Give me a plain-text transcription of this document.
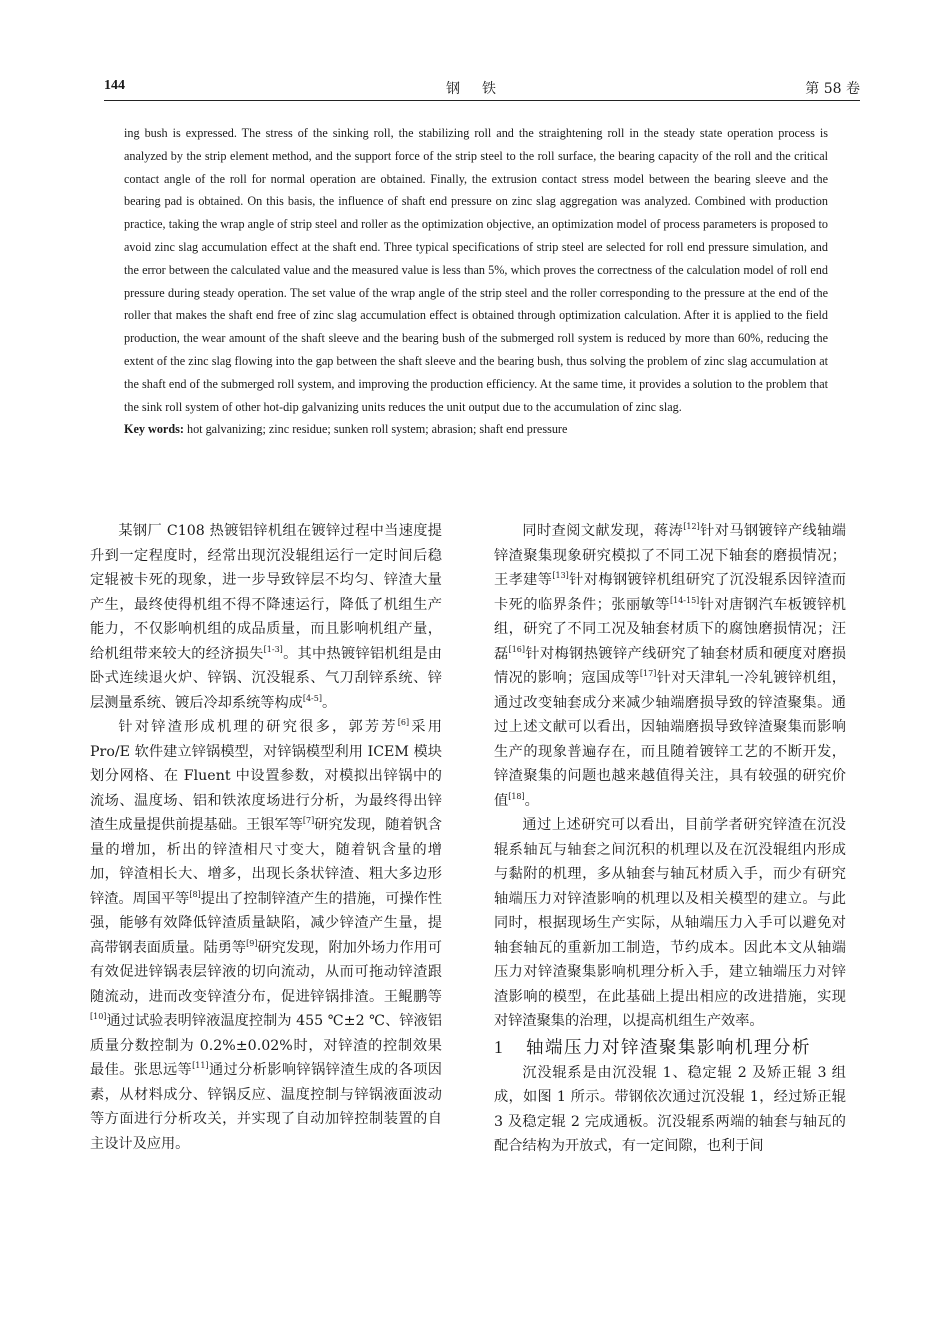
144	钢铁	第 58 卷

ing bush is expressed. The stress of the sinking roll, the stabilizing roll and the straightening roll in the steady state operation process is analyzed by the strip element method, and the support force of the strip steel to the roll surface, the bearing capacity of the roll and the critical contact angle of the roll for normal operation are obtained. Finally, the extrusion contact stress model between the bearing sleeve and the bearing pad is obtained. On this basis, the influence of shaft end pressure on zinc slag aggregation was analyzed. Combined with production practice, taking the wrap angle of strip steel and roller as the optimization objective, an optimization model of process parameters is proposed to avoid zinc slag accumulation effect at the shaft end. Three typical specifications of strip steel are selected for roll end pressure simulation, and the error between the calculated value and the measured value is less than 5%, which proves the correctness of the calculation model of roll end pressure during steady operation. The set value of the wrap angle of the strip steel and the roller corresponding to the pressure at the end of the roller that makes the shaft end free of zinc slag accumulation effect is obtained through optimization calculation. After it is applied to the field production, the wear amount of the shaft sleeve and the bearing bush of the submerged roll system is reduced by more than 60%, reducing the extent of the zinc slag flowing into the gap between the shaft sleeve and the bearing bush, thus solving the problem of zinc slag accumulation at the shaft end of the submerged roll system, and improving the production efficiency. At the same time, it provides a solution to the problem that the sink roll system of other hot-dip galvanizing units reduces the unit output due to the accumulation of zinc slag.

Key words: hot galvanizing; zinc residue; sunken roll system; abrasion; shaft end pressure

某钢厂 C108 热镀铝锌机组在镀锌过程中当速度提升到一定程度时，经常出现沉没辊组运行一定时间后稳定辊被卡死的现象，进一步导致锌层不均匀、锌渣大量产生，最终使得机组不得不降速运行，降低了机组生产能力，不仅影响机组的成品质量，而且影响机组产量，给机组带来较大的经济损失[1-3]。其中热镀锌铝机组是由卧式连续退火炉、锌锅、沉没辊系、气刀刮锌系统、锌层测量系统、镀后冷却系统等构成[4-5]。

针对锌渣形成机理的研究很多，郭芳芳[6]采用 Pro/E 软件建立锌锅模型，对锌锅模型利用 ICEM 模块划分网格、在 Fluent 中设置参数，对模拟出锌锅中的流场、温度场、铝和铁浓度场进行分析，为最终得出锌渣生成量提供前提基础。王银军等[7]研究发现，随着钒含量的增加，析出的锌渣相尺寸变大，随着钒含量的增加，锌渣相长大、增多，出现长条状锌渣、粗大多边形锌渣。周国平等[8]提出了控制锌渣产生的措施，可操作性强，能够有效降低锌渣质量缺陷，减少锌渣产生量，提高带钢表面质量。陆勇等[9]研究发现，附加外场力作用可有效促进锌锅表层锌液的切向流动，从而可拖动锌渣跟随流动，进而改变锌渣分布，促进锌锅排渣。王鲲鹏等[10]通过试验表明锌液温度控制为 455 ℃±2 ℃、锌液铝质量分数控制为 0.2%±0.02%时，对锌渣的控制效果最佳。张思远等[11]通过分析影响锌锅锌渣生成的各项因素，从材料成分、锌锅反应、温度控制与锌锅液面波动等方面进行分析攻关，并实现了自动加锌控制装置的自主设计及应用。

同时查阅文献发现，蒋涛[12]针对马钢镀锌产线轴端锌渣聚集现象研究模拟了不同工况下轴套的磨损情况；王孝建等[13]针对梅钢镀锌机组研究了沉没辊系因锌渣而卡死的临界条件；张丽敏等[14-15]针对唐钢汽车板镀锌机组，研究了不同工况及轴套材质下的腐蚀磨损情况；汪磊[16]针对梅钢热镀锌产线研究了轴套材质和硬度对磨损情况的影响；寇国成等[17]针对天津轧一冷轧镀锌机组，通过改变轴套成分来减少轴端磨损导致的锌渣聚集。通过上述文献可以看出，因轴端磨损导致锌渣聚集而影响生产的现象普遍存在，而且随着镀锌工艺的不断开发，锌渣聚集的问题也越来越值得关注，具有较强的研究价值[18]。

通过上述研究可以看出，目前学者研究锌渣在沉没辊系轴瓦与轴套之间沉积的机理以及在沉没辊组内形成与黏附的机理，多从轴套与轴瓦材质入手，而少有研究轴端压力对锌渣影响的机理以及相关模型的建立。与此同时，根据现场生产实际，从轴端压力入手可以避免对轴套轴瓦的重新加工制造，节约成本。因此本文从轴端压力对锌渣聚集影响机理分析入手，建立轴端压力对锌渣影响的模型，在此基础上提出相应的改进措施，实现对锌渣聚集的治理，以提高机组生产效率。

1 轴端压力对锌渣聚集影响机理分析

沉没辊系是由沉没辊 1、稳定辊 2 及矫正辊 3 组成，如图 1 所示。带钢依次通过沉没辊 1，经过矫正辊 3 及稳定辊 2 完成通板。沉没辊系两端的轴套与轴瓦的配合结构为开放式，有一定间隙，也利于间
